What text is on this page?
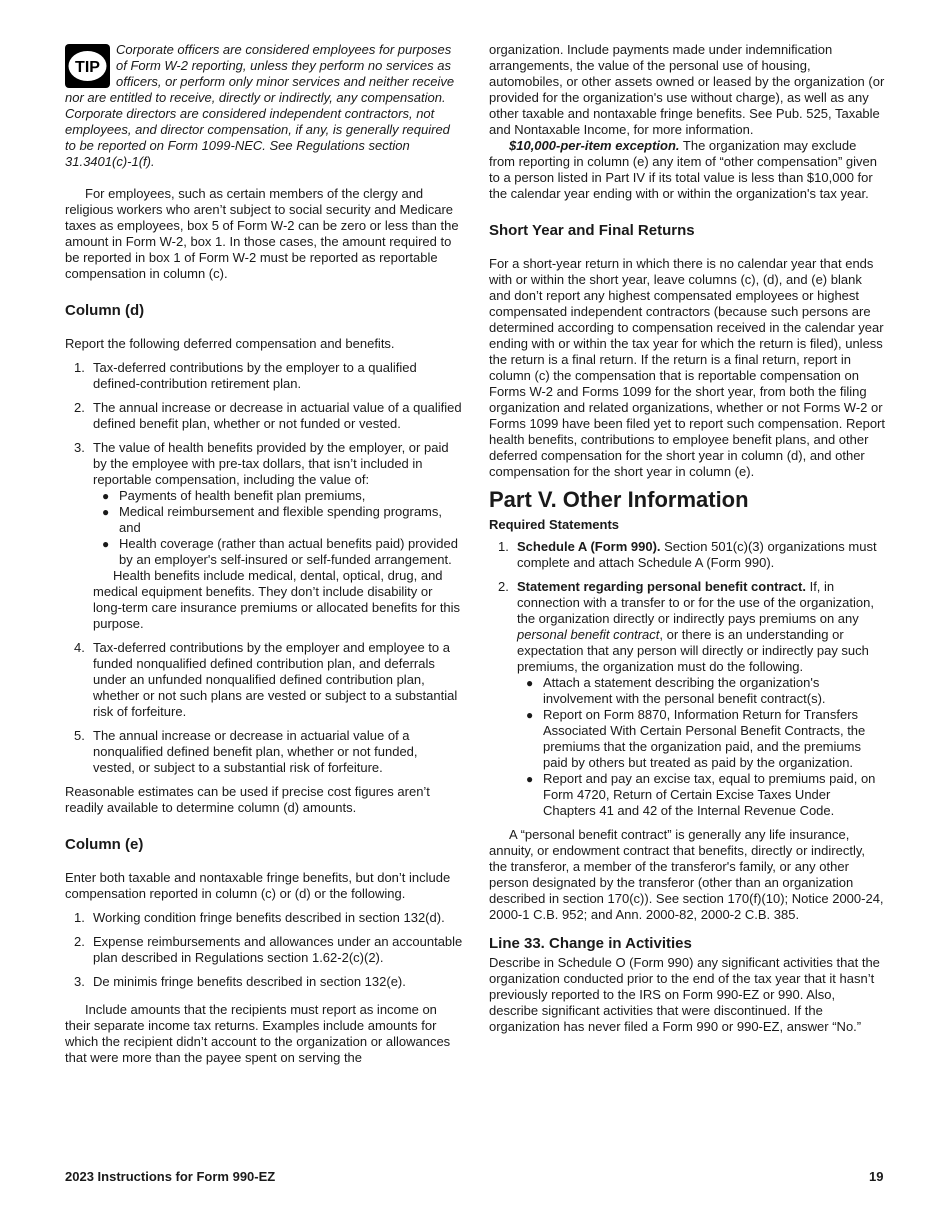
TIP

Corporate officers are considered employees for purposes of Form W-2 reporting, unless they perform no services as officers, or perform only minor services and neither receive nor are entitled to receive, directly or indirectly, any compensation. Corporate directors are considered independent contractors, not employees, and director compensation, if any, is generally required to be reported on Form 1099-NEC. See Regulations section 31.3401(c)-1(f).

For employees, such as certain members of the clergy and religious workers who aren’t subject to social security and Medicare taxes as employees, box 5 of Form W-2 can be zero or less than the amount in Form W-2, box 1. In those cases, the amount required to be reported in box 1 of Form W-2 must be reported as reportable compensation in column (c).

Column (d)

Report the following deferred compensation and benefits.

1. Tax-deferred contributions by the employer to a qualified defined-contribution retirement plan.
2. The annual increase or decrease in actuarial value of a qualified defined benefit plan, whether or not funded or vested.
3. The value of health benefits provided by the employer, or paid by the employee with pre-tax dollars, that isn’t included in reportable compensation, including the value of:
● Payments of health benefit plan premiums,
● Medical reimbursement and flexible spending programs, and
● Health coverage (rather than actual benefits paid) provided by an employer's self-insured or self-funded arrangement.

Health benefits include medical, dental, optical, drug, and medical equipment benefits. They don’t include disability or long-term care insurance premiums or allocated benefits for this purpose.

4. Tax-deferred contributions by the employer and employee to a funded nonqualified defined contribution plan, and deferrals under an unfunded nonqualified defined contribution plan, whether or not such plans are vested or subject to a substantial risk of forfeiture.
5. The annual increase or decrease in actuarial value of a nonqualified defined benefit plan, whether or not funded, vested, or subject to a substantial risk of forfeiture.

Reasonable estimates can be used if precise cost figures aren’t readily available to determine column (d) amounts.

Column (e)

Enter both taxable and nontaxable fringe benefits, but don’t include compensation reported in column (c) or (d) or the following.

1. Working condition fringe benefits described in section 132(d).
2. Expense reimbursements and allowances under an accountable plan described in Regulations section 1.62-2(c)(2).
3. De minimis fringe benefits described in section 132(e).

Include amounts that the recipients must report as income on their separate income tax returns. Examples include amounts for which the recipient didn’t account to the organization or allowances that were more than the payee spent on serving the

organization. Include payments made under indemnification arrangements, the value of the personal use of housing, automobiles, or other assets owned or leased by the organization (or provided for the organization's use without charge), as well as any other taxable and nontaxable fringe benefits. See Pub. 525, Taxable and Nontaxable Income, for more information.

$10,000-per-item exception. The organization may exclude from reporting in column (e) any item of “other compensation” given to a person listed in Part IV if its total value is less than $10,000 for the calendar year ending with or within the organization's tax year.

Short Year and Final Returns

For a short-year return in which there is no calendar year that ends with or within the short year, leave columns (c), (d), and (e) blank and don’t report any highest compensated employees or highest compensated independent contractors (because such persons are determined according to compensation received in the calendar year ending with or within the tax year for which the return is filed), unless the return is a final return. If the return is a final return, report in column (c) the compensation that is reportable compensation on Forms W-2 and Forms 1099 for the short year, from both the filing organization and related organizations, whether or not Forms W-2 or Forms 1099 have been filed yet to report such compensation. Report health benefits, contributions to employee benefit plans, and other deferred compensation for the short year in column (d), and other compensation for the short year in column (e).

Part V. Other Information
Required Statements
1. Schedule A (Form 990). Section 501(c)(3) organizations must complete and attach Schedule A (Form 990).
2. Statement regarding personal benefit contract. If, in connection with a transfer to or for the use of the organization, the organization directly or indirectly pays premiums on any personal benefit contract, or there is an understanding or expectation that any person will directly or indirectly pay such premiums, the organization must do the following.
● Attach a statement describing the organization's involvement with the personal benefit contract(s).
● Report on Form 8870, Information Return for Transfers Associated With Certain Personal Benefit Contracts, the premiums that the organization paid, and the premiums paid by others but treated as paid by the organization.
● Report and pay an excise tax, equal to premiums paid, on Form 4720, Return of Certain Excise Taxes Under Chapters 41 and 42 of the Internal Revenue Code.

A “personal benefit contract” is generally any life insurance, annuity, or endowment contract that benefits, directly or indirectly, the transferor, a member of the transferor's family, or any other person designated by the transferor (other than an organization described in section 170(c)). See section 170(f)(10); Notice 2000-24, 2000-1 C.B. 952; and Ann. 2000-82, 2000-2 C.B. 385.

Line 33. Change in Activities

Describe in Schedule O (Form 990) any significant activities that the organization conducted prior to the end of the tax year that it hasn’t previously reported to the IRS on Form 990-EZ or 990. Also, describe significant activities that were discontinued. If the organization has never filed a Form 990 or 990-EZ, answer “No.”

2023 Instructions for Form 990-EZ	19
